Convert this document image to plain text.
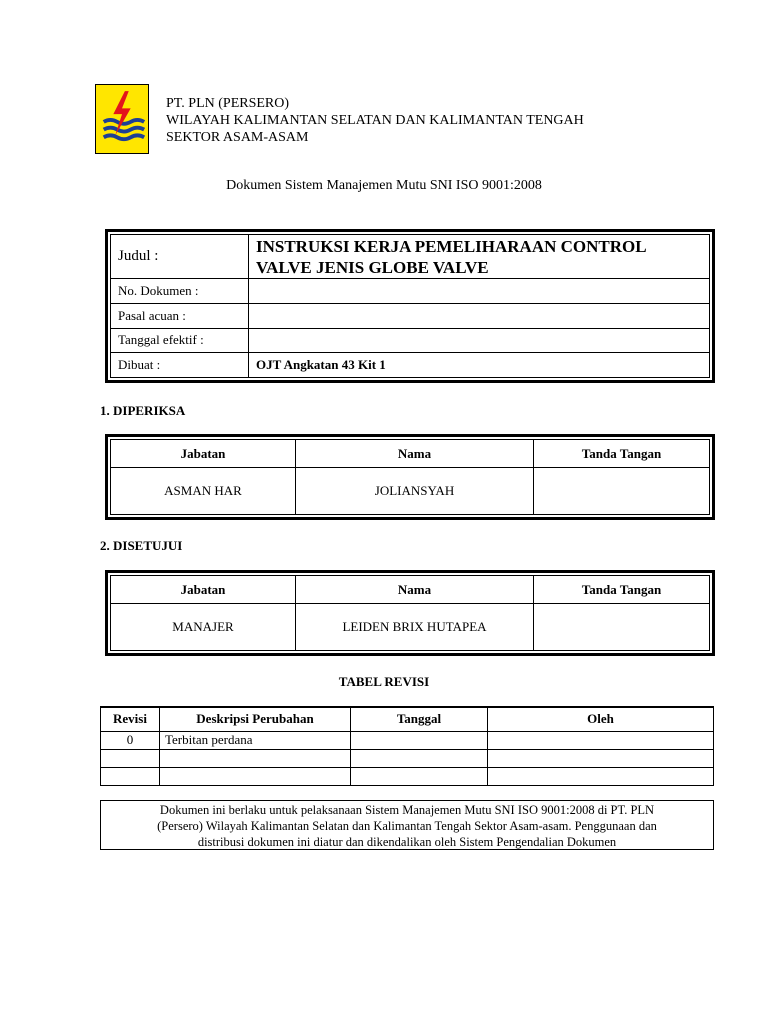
PT. PLN (PERSERO)
WILAYAH KALIMANTAN SELATAN DAN KALIMANTAN TENGAH
SEKTOR ASAM-ASAM
Dokumen Sistem Manajemen Mutu SNI ISO 9001:2008
Judul :	INSTRUKSI KERJA PEMELIHARAAN CONTROL
VALVE JENIS GLOBE VALVE

No. Dokumen :	
Pasal acuan :	
Tanggal efektif :	
Dibuat :	OJT Angkatan 43 Kit 1
1. DIPERIKSA
Jabatan	Nama	Tanda Tangan
ASMAN HAR	JOLIANSYAH	
2. DISETUJUI
Jabatan	Nama	Tanda Tangan
MANAJER	LEIDEN BRIX HUTAPEA	
TABEL REVISI
Revisi	Deskripsi Perubahan	Tanggal	Oleh
0	Terbitan perdana		

Dokumen ini berlaku untuk pelaksanaan Sistem Manajemen Mutu SNI ISO 9001:2008 di PT. PLN
(Persero) Wilayah Kalimantan Selatan dan Kalimantan Tengah Sektor Asam-asam. Penggunaan dan
distribusi dokumen ini diatur dan dikendalikan oleh Sistem Pengendalian Dokumen
